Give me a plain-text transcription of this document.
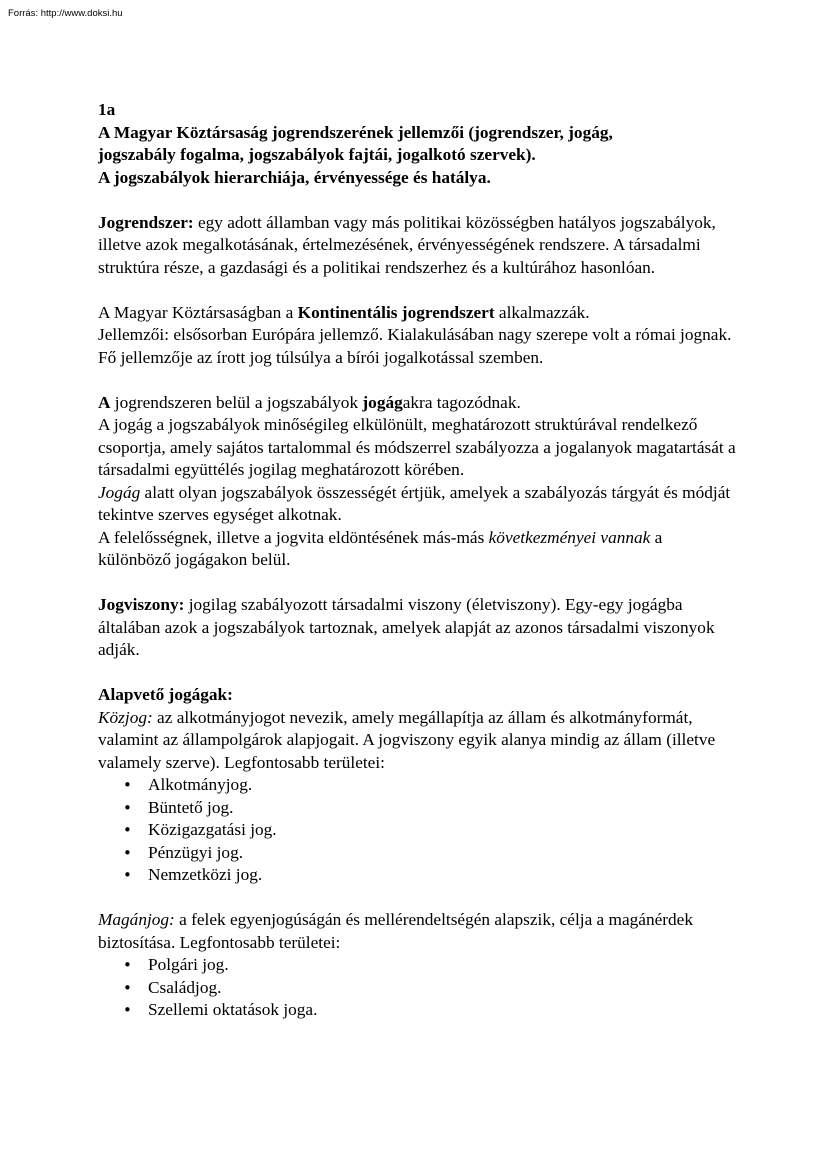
Forrás: http://www.doksi.hu
1a
A Magyar Köztársaság jogrendszerének jellemzői (jogrendszer, jogág,
jogszabály fogalma, jogszabályok fajtái, jogalkotó szervek).
A jogszabályok hierarchiája, érvényessége és hatálya.

Jogrendszer: egy adott államban vagy más politikai közösségben hatályos jogszabályok, illetve azok megalkotásának, értelmezésének, érvényességének rendszere. A társadalmi struktúra része, a gazdasági és a politikai rendszerhez és a kultúrához hasonlóan.

A Magyar Köztársaságban a Kontinentális jogrendszert alkalmazzák.

Jellemzői: elsősorban Európára jellemző. Kialakulásában nagy szerepe volt a római jognak. Fő jellemzője az írott jog túlsúlya a bírói jogalkotással szemben.

A jogrendszeren belül a jogszabályok jogágakra tagozódnak.

A jogág a jogszabályok minőségileg elkülönült, meghatározott struktúrával rendelkező csoportja, amely sajátos tartalommal és módszerrel szabályozza a jogalanyok magatartását a társadalmi együttélés jogilag meghatározott körében.

Jogág alatt olyan jogszabályok összességét értjük, amelyek a szabályozás tárgyát és módját tekintve szerves egységet alkotnak.

A felelősségnek, illetve a jogvita eldöntésének más-más következményei vannak a különböző jogágakon belül.

Jogviszony: jogilag szabályozott társadalmi viszony (életviszony). Egy-egy jogágba általában azok a jogszabályok tartoznak, amelyek alapját az azonos társadalmi viszonyok adják.

Alapvető jogágak:

Közjog: az alkotmányjogot nevezik, amely megállapítja az állam és alkotmányformát, valamint az állampolgárok alapjogait. A jogviszony egyik alanya mindig az állam (illetve valamely szerve). Legfontosabb területei:

• Alkotmányjog.
• Büntető jog.
• Közigazgatási jog.
• Pénzügyi jog.
• Nemzetközi jog.

Magánjog: a felek egyenjogúságán és mellérendeltségén alapszik, célja a magánérdek biztosítása. Legfontosabb területei:

• Polgári jog.
• Családjog.
• Szellemi oktatások joga.
